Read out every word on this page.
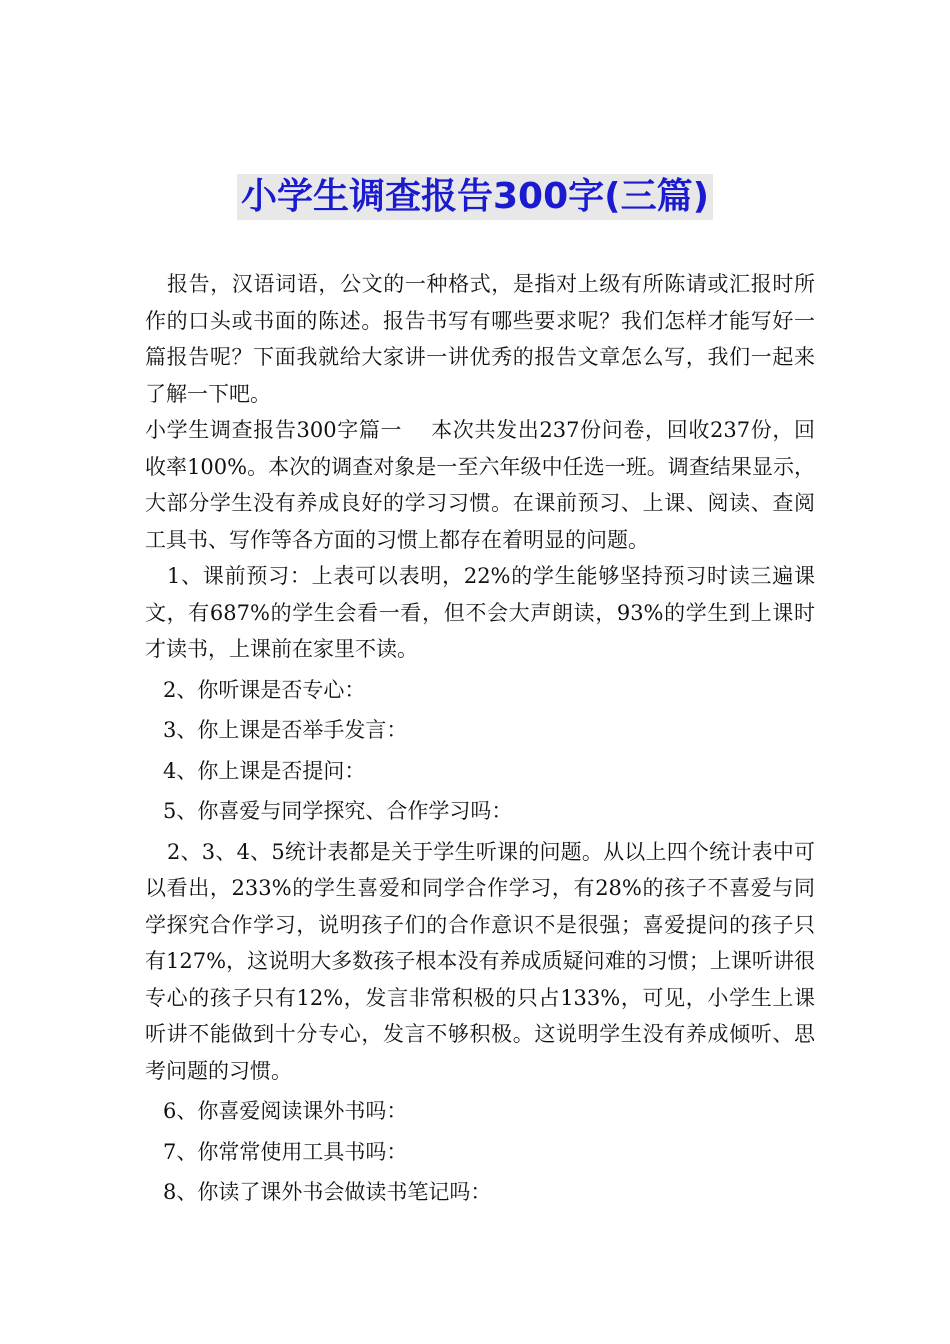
小学生调查报告300字(三篇)

报告，汉语词语，公文的一种格式，是指对上级有所陈请或汇报时所作的口头或书面的陈述。报告书写有哪些要求呢？我们怎样才能写好一篇报告呢？下面我就给大家讲一讲优秀的报告文章怎么写，我们一起来了解一下吧。

小学生调查报告300字篇一　 本次共发出237份问卷，回收237份，回收率100%。本次的调查对象是一至六年级中任选一班。调查结果显示，大部分学生没有养成良好的学习习惯。在课前预习、上课、阅读、查阅工具书、写作等各方面的习惯上都存在着明显的问题。

1、课前预习：上表可以表明，22%的学生能够坚持预习时读三遍课文，有687%的学生会看一看，但不会大声朗读，93%的学生到上课时才读书，上课前在家里不读。

2、你听课是否专心：

3、你上课是否举手发言：

4、你上课是否提问：

5、你喜爱与同学探究、合作学习吗：

2、3、4、5统计表都是关于学生听课的问题。从以上四个统计表中可以看出，233%的学生喜爱和同学合作学习，有28%的孩子不喜爱与同学探究合作学习，说明孩子们的合作意识不是很强；喜爱提问的孩子只有127%，这说明大多数孩子根本没有养成质疑问难的习惯；上课听讲很专心的孩子只有12%，发言非常积极的只占133%，可见，小学生上课听讲不能做到十分专心，发言不够积极。这说明学生没有养成倾听、思考问题的习惯。

6、你喜爱阅读课外书吗：

7、你常常使用工具书吗：

8、你读了课外书会做读书笔记吗：
